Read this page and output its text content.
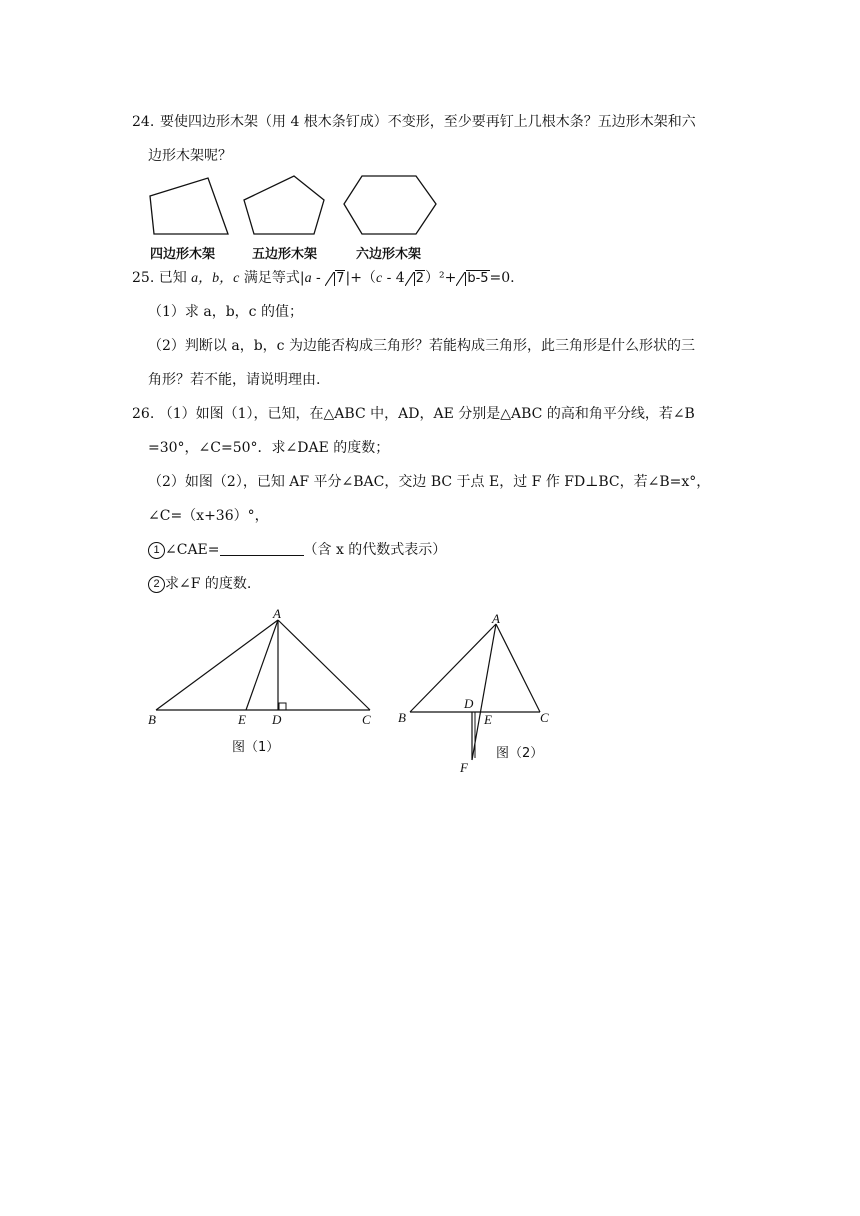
24. 要使四边形木架（用 4 根木条钉成）不变形，至少要再钉上几根木条？五边形木架和六
边形木架呢？
四边形木架	五边形木架	六边形木架
25. 已知 a，b，c 满足等式|a - 7|+（c - 4 2）²+ b-5=0.
（1）求 a，b，c 的值；
（2）判断以 a，b，c 为边能否构成三角形？若能构成三角形，此三角形是什么形状的三
角形？若不能，请说明理由.
26. （1）如图（1），已知，在△ABC 中，AD，AE 分别是△ABC 的高和角平分线，若∠B
=30°，∠C=50°．求∠DAE 的度数；
（2）如图（2），已知 AF 平分∠BAC，交边 BC 于点 E，过 F 作 FD⊥BC，若∠B=x°，
∠C=（x+36）°，
1 ∠CAE=	（含 x 的代数式表示）
2 求∠F 的度数.
A
B	E D	C
图（1）
A
B
D
E	C
F
图（2）
